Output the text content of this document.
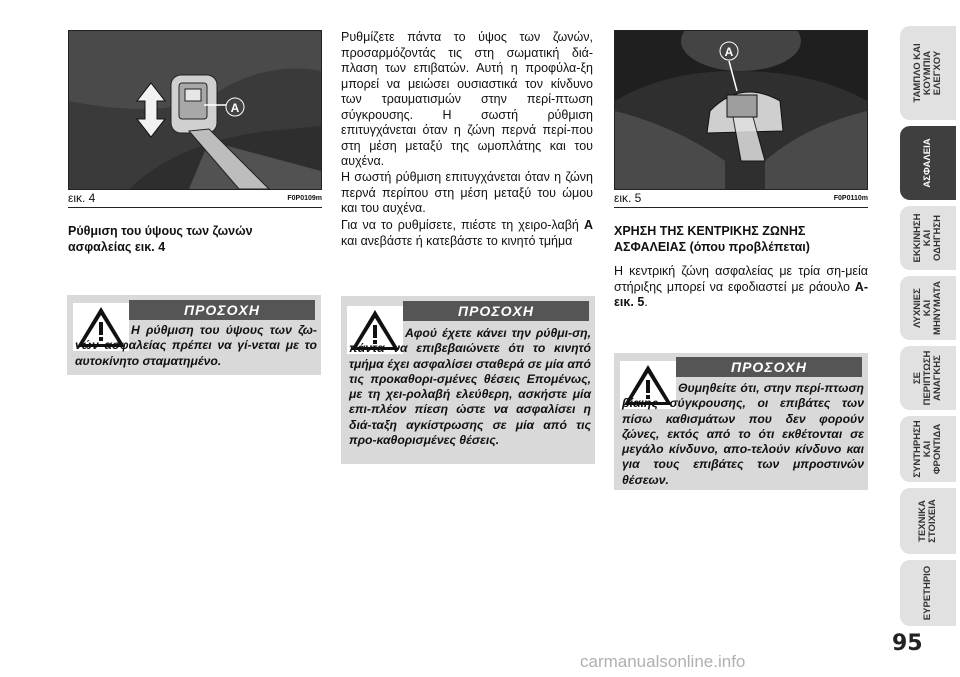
A
εικ. 4	F0P0109m
Ρύθμιση του ύψους των ζωνών ασφαλείας εικ. 4
ΠΡΟΣΟΧΗ
Η ρύθμιση του ύψους των ζω-νών ασφαλείας πρέπει να γί-νεται με το αυτοκίνητο σταματημένο.
Ρυθμίζετε πάντα το ύψος των ζωνών, προσαρμόζοντάς τις στη σωματική διά-πλαση των επιβατών. Αυτή η προφύλα-ξη μπορεί να μειώσει ουσιαστικά τον κίνδυνο των τραυματισμών στην περί-πτωση σύγκρουσης. Η σωστή ρύθμιση επιτυγχάνεται όταν η ζώνη περνά περί-που στη μέση μεταξύ της ωμοπλάτης και του αυχένα.
Η σωστή ρύθμιση επιτυγχάνεται όταν η ζώνη περνά περίπου στη μέση μεταξύ του ώμου και του αυχένα.
Για να το ρυθμίσετε, πιέστε τη χειρο-λαβή A και ανεβάστε ή κατεβάστε το κινητό τμήμα
ΠΡΟΣΟΧΗ
Αφού έχετε κάνει την ρύθμι-ση, πάντα να επιβεβαιώνετε ότι το κινητό τμήμα έχει ασφαλίσει σταθερά σε μία από τις προκαθορι-σμένες θέσεις Επομένως, με τη χει-ρολαβή ελεύθερη, ασκήστε μία επι-πλέον πίεση ώστε να ασφαλίσει η διά-ταξη αγκίστρωσης σε μία από τις προ-καθορισμένες θέσεις.
A
εικ. 5	F0P0110m
ΧΡΗΣΗ ΤΗΣ ΚΕΝΤΡΙΚΗΣ ΖΩΝΗΣ ΑΣΦΑΛΕΙΑΣ (όπου προβλέπεται)
Η κεντρική ζώνη ασφαλείας με τρία ση-μεία στήριξης μπορεί να εφοδιαστεί με ράουλο A-εικ. 5.
ΠΡΟΣΟΧΗ
Θυμηθείτε ότι, στην περί-πτωση βίαιης σύγκρουσης, οι επιβάτες των πίσω καθισμάτων που δεν φορούν ζώνες, εκτός από το ότι εκθέτονται σε μεγάλο κίνδυνο, απο-τελούν κίνδυνο και για τους επιβάτες των μπροστινών θέσεων.
ΤΑΜΠΛΟ ΚΑΙ ΚΟΥΜΠΙΑ ΕΛΕΓΧΟΥ
ΑΣΦΑΛΕΙΑ
ΕΚΚΙΝΗΣΗ ΚΑΙ ΟΔΗΓΗΣΗ
ΛΥΧΝΙΕΣ ΚΑΙ ΜΗΝΥΜΑΤΑ
ΣΕ ΠΕΡΙΠΤΩΣΗ ΑΝΑΓΚΗΣ
ΣΥΝΤΗΡΗΣΗ ΚΑΙ ΦΡΟΝΤΙΔΑ
ΤΕΧΝΙΚΑ ΣΤΟΙΧΕΙΑ
ΕΥΡΕΤΗΡΙΟ
95
carmanualsonline.info
